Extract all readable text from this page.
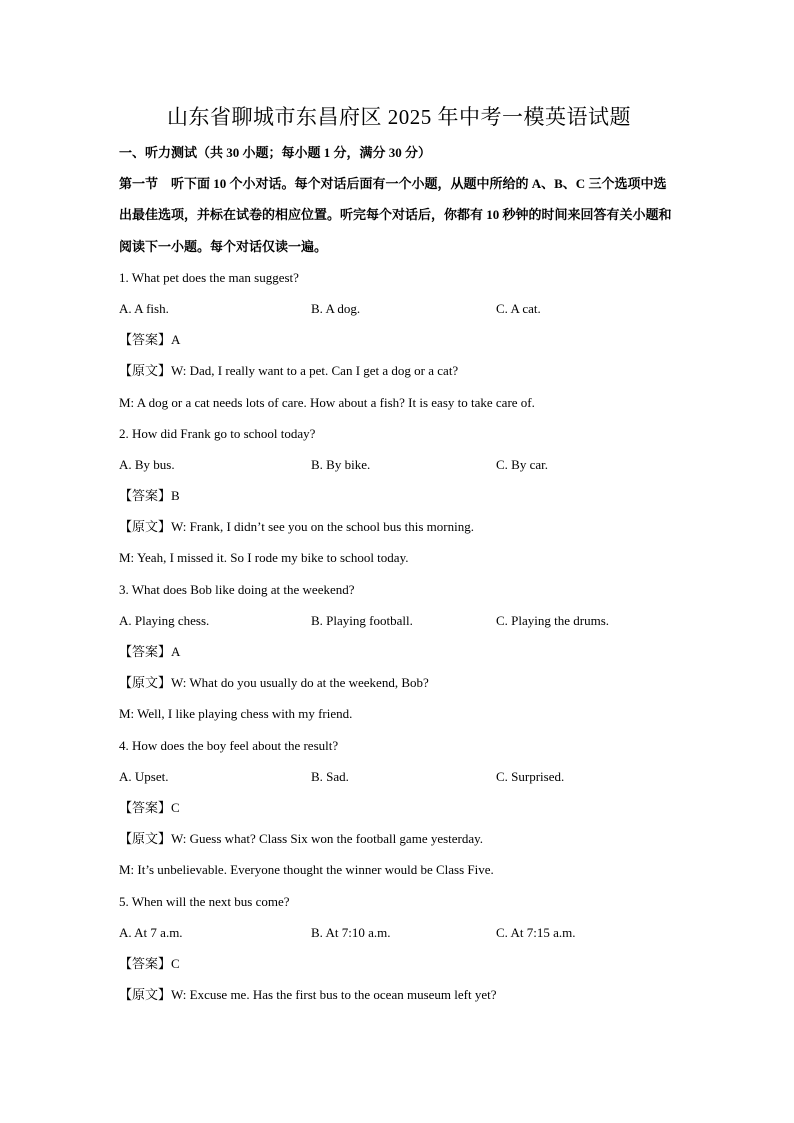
山东省聊城市东昌府区 2025 年中考一模英语试题
一、听力测试（共 30 小题；每小题 1 分，满分 30 分）
第一节　听下面 10 个小对话。每个对话后面有一个小题，从题中所给的 A、B、C 三个选项中选出最佳选项，并标在试卷的相应位置。听完每个对话后，你都有 10 秒钟的时间来回答有关小题和阅读下一小题。每个对话仅读一遍。
1. What pet does the man suggest?
A. A fish.	B. A dog.	C. A cat.
【答案】A
【原文】W: Dad, I really want to a pet. Can I get a dog or a cat?
M: A dog or a cat needs lots of care. How about a fish? It is easy to take care of.
2. How did Frank go to school today?
A. By bus.	B. By bike.	C. By car.
【答案】B
【原文】W: Frank, I didn’t see you on the school bus this morning.
M: Yeah, I missed it. So I rode my bike to school today.
3. What does Bob like doing at the weekend?
A. Playing chess.	B. Playing football.	C. Playing the drums.
【答案】A
【原文】W: What do you usually do at the weekend, Bob?
M: Well, I like playing chess with my friend.
4. How does the boy feel about the result?
A. Upset.	B. Sad.	C. Surprised.
【答案】C
【原文】W: Guess what? Class Six won the football game yesterday.
M: It’s unbelievable. Everyone thought the winner would be Class Five.
5. When will the next bus come?
A. At 7 a.m.	B. At 7:10 a.m.	C. At 7:15 a.m.
【答案】C
【原文】W: Excuse me. Has the first bus to the ocean museum left yet?
